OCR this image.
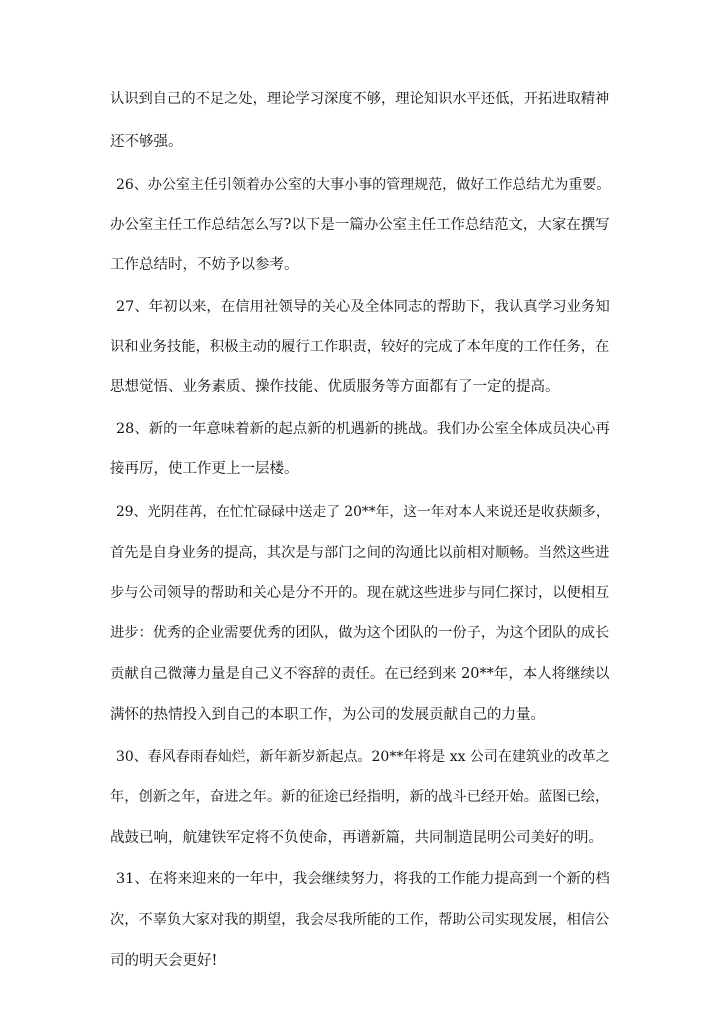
认识到自己的不足之处，理论学习深度不够，理论知识水平还低，开拓进取精神
还不够强。
26、办公室主任引领着办公室的大事小事的管理规范，做好工作总结尤为重要。
办公室主任工作总结怎么写?以下是一篇办公室主任工作总结范文，大家在撰写
工作总结时，不妨予以参考。
27、年初以来，在信用社领导的关心及全体同志的帮助下，我认真学习业务知
识和业务技能，积极主动的履行工作职责，较好的完成了本年度的工作任务，在
思想觉悟、业务素质、操作技能、优质服务等方面都有了一定的提高。
28、新的一年意味着新的起点新的机遇新的挑战。我们办公室全体成员决心再
接再厉，使工作更上一层楼。
29、光阴荏苒，在忙忙碌碌中送走了 20**年，这一年对本人来说还是收获颇多，
首先是自身业务的提高，其次是与部门之间的沟通比以前相对顺畅。当然这些进
步与公司领导的帮助和关心是分不开的。现在就这些进步与同仁探讨，以便相互
进步：优秀的企业需要优秀的团队，做为这个团队的一份子，为这个团队的成长
贡献自己微薄力量是自己义不容辞的责任。在已经到来 20**年，本人将继续以
满怀的热情投入到自己的本职工作，为公司的发展贡献自己的力量。
30、春风春雨春灿烂，新年新岁新起点。20**年将是 xx 公司在建筑业的改革之
年，创新之年，奋进之年。新的征途已经指明，新的战斗已经开始。蓝图已绘，
战鼓已响，航建铁军定将不负使命，再谱新篇，共同制造昆明公司美好的明。
31、在将来迎来的一年中，我会继续努力，将我的工作能力提高到一个新的档
次，不辜负大家对我的期望，我会尽我所能的工作，帮助公司实现发展，相信公
司的明天会更好!
